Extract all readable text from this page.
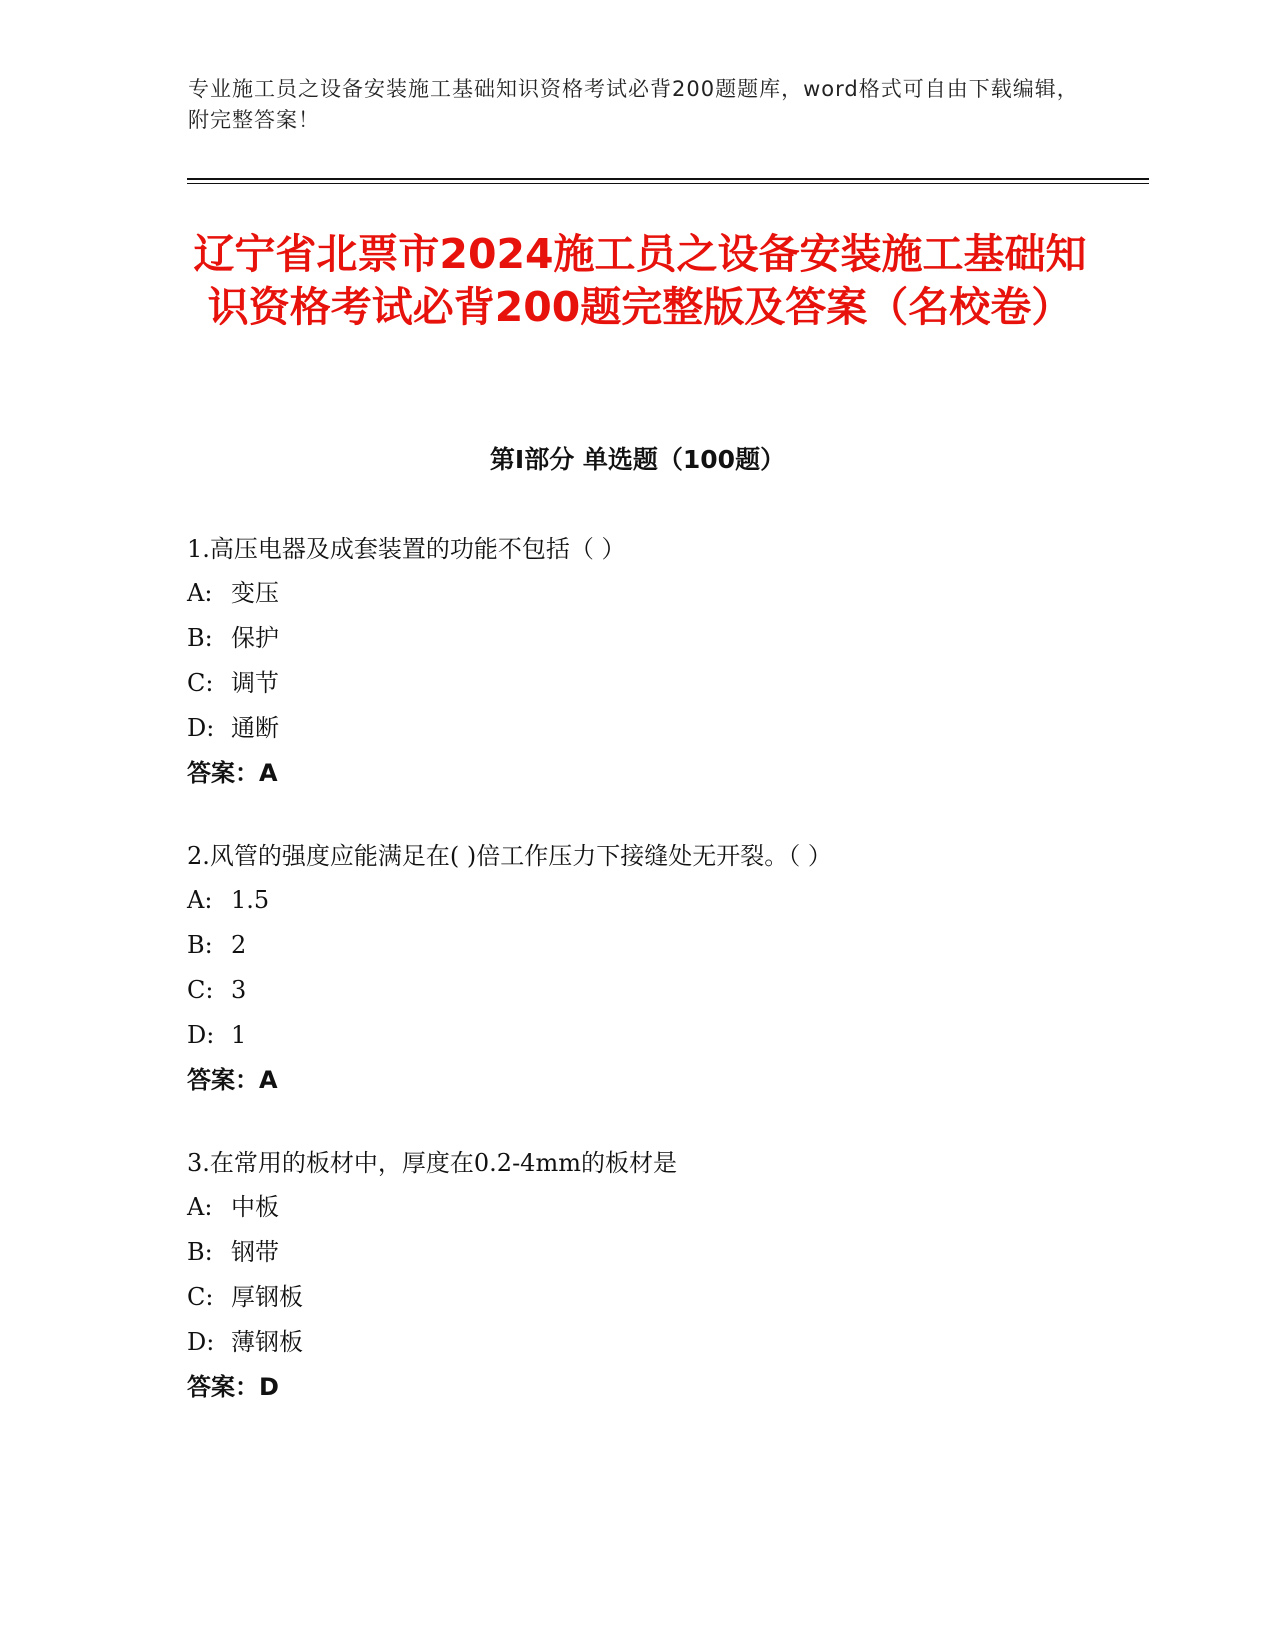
专业施工员之设备安装施工基础知识资格考试必背200题题库，word格式可自由下载编辑，附完整答案！
辽宁省北票市2024施工员之设备安装施工基础知识资格考试必背200题完整版及答案（名校卷）
第Ⅰ部分 单选题（100题）
1.高压电器及成套装置的功能不包括（ ）
A: 变压
B: 保护
C: 调节
D: 通断
答案：A
2.风管的强度应能满足在( )倍工作压力下接缝处无开裂。（ ）
A: 1.5
B: 2
C: 3
D: 1
答案：A
3.在常用的板材中，厚度在0.2-4mm的板材是
A: 中板
B: 钢带
C: 厚钢板
D: 薄钢板
答案：D
